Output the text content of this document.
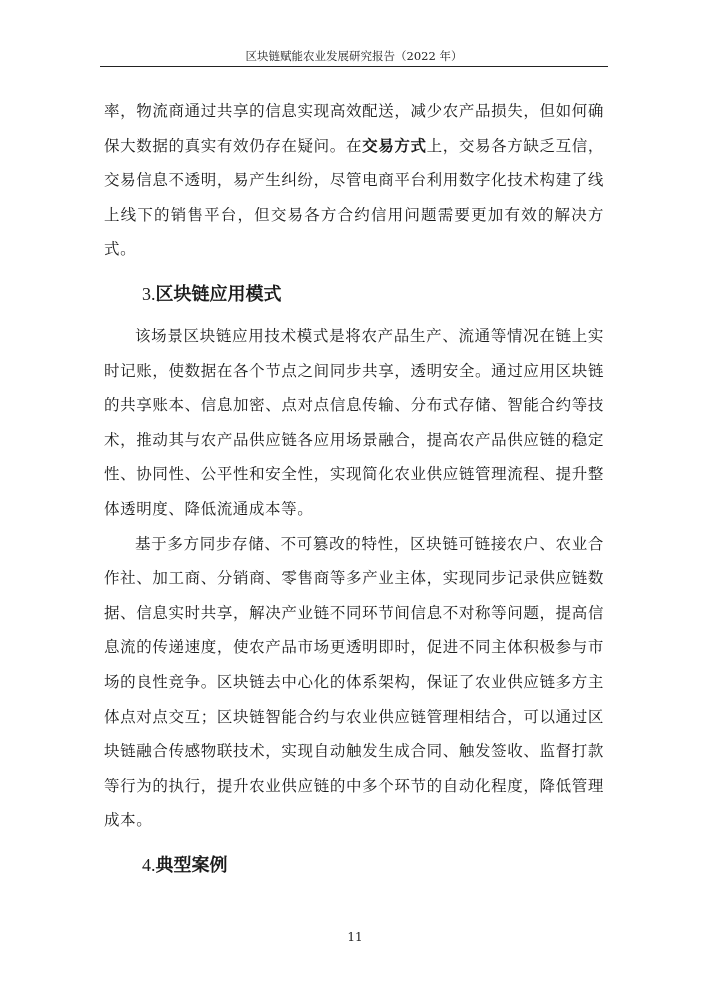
区块链赋能农业发展研究报告（2022 年）

率，物流商通过共享的信息实现高效配送，减少农产品损失，但如何确保大数据的真实有效仍存在疑问。在交易方式上，交易各方缺乏互信，交易信息不透明，易产生纠纷，尽管电商平台利用数字化技术构建了线上线下的销售平台，但交易各方合约信用问题需要更加有效的解决方式。

3.区块链应用模式

该场景区块链应用技术模式是将农产品生产、流通等情况在链上实时记账，使数据在各个节点之间同步共享，透明安全。通过应用区块链的共享账本、信息加密、点对点信息传输、分布式存储、智能合约等技术，推动其与农产品供应链各应用场景融合，提高农产品供应链的稳定性、协同性、公平性和安全性，实现简化农业供应链管理流程、提升整体透明度、降低流通成本等。

基于多方同步存储、不可篡改的特性，区块链可链接农户、农业合作社、加工商、分销商、零售商等多产业主体，实现同步记录供应链数据、信息实时共享，解决产业链不同环节间信息不对称等问题，提高信息流的传递速度，使农产品市场更透明即时，促进不同主体积极参与市场的良性竞争。区块链去中心化的体系架构，保证了农业供应链多方主体点对点交互；区块链智能合约与农业供应链管理相结合，可以通过区块链融合传感物联技术，实现自动触发生成合同、触发签收、监督打款等行为的执行，提升农业供应链的中多个环节的自动化程度，降低管理成本。

4.典型案例
11
